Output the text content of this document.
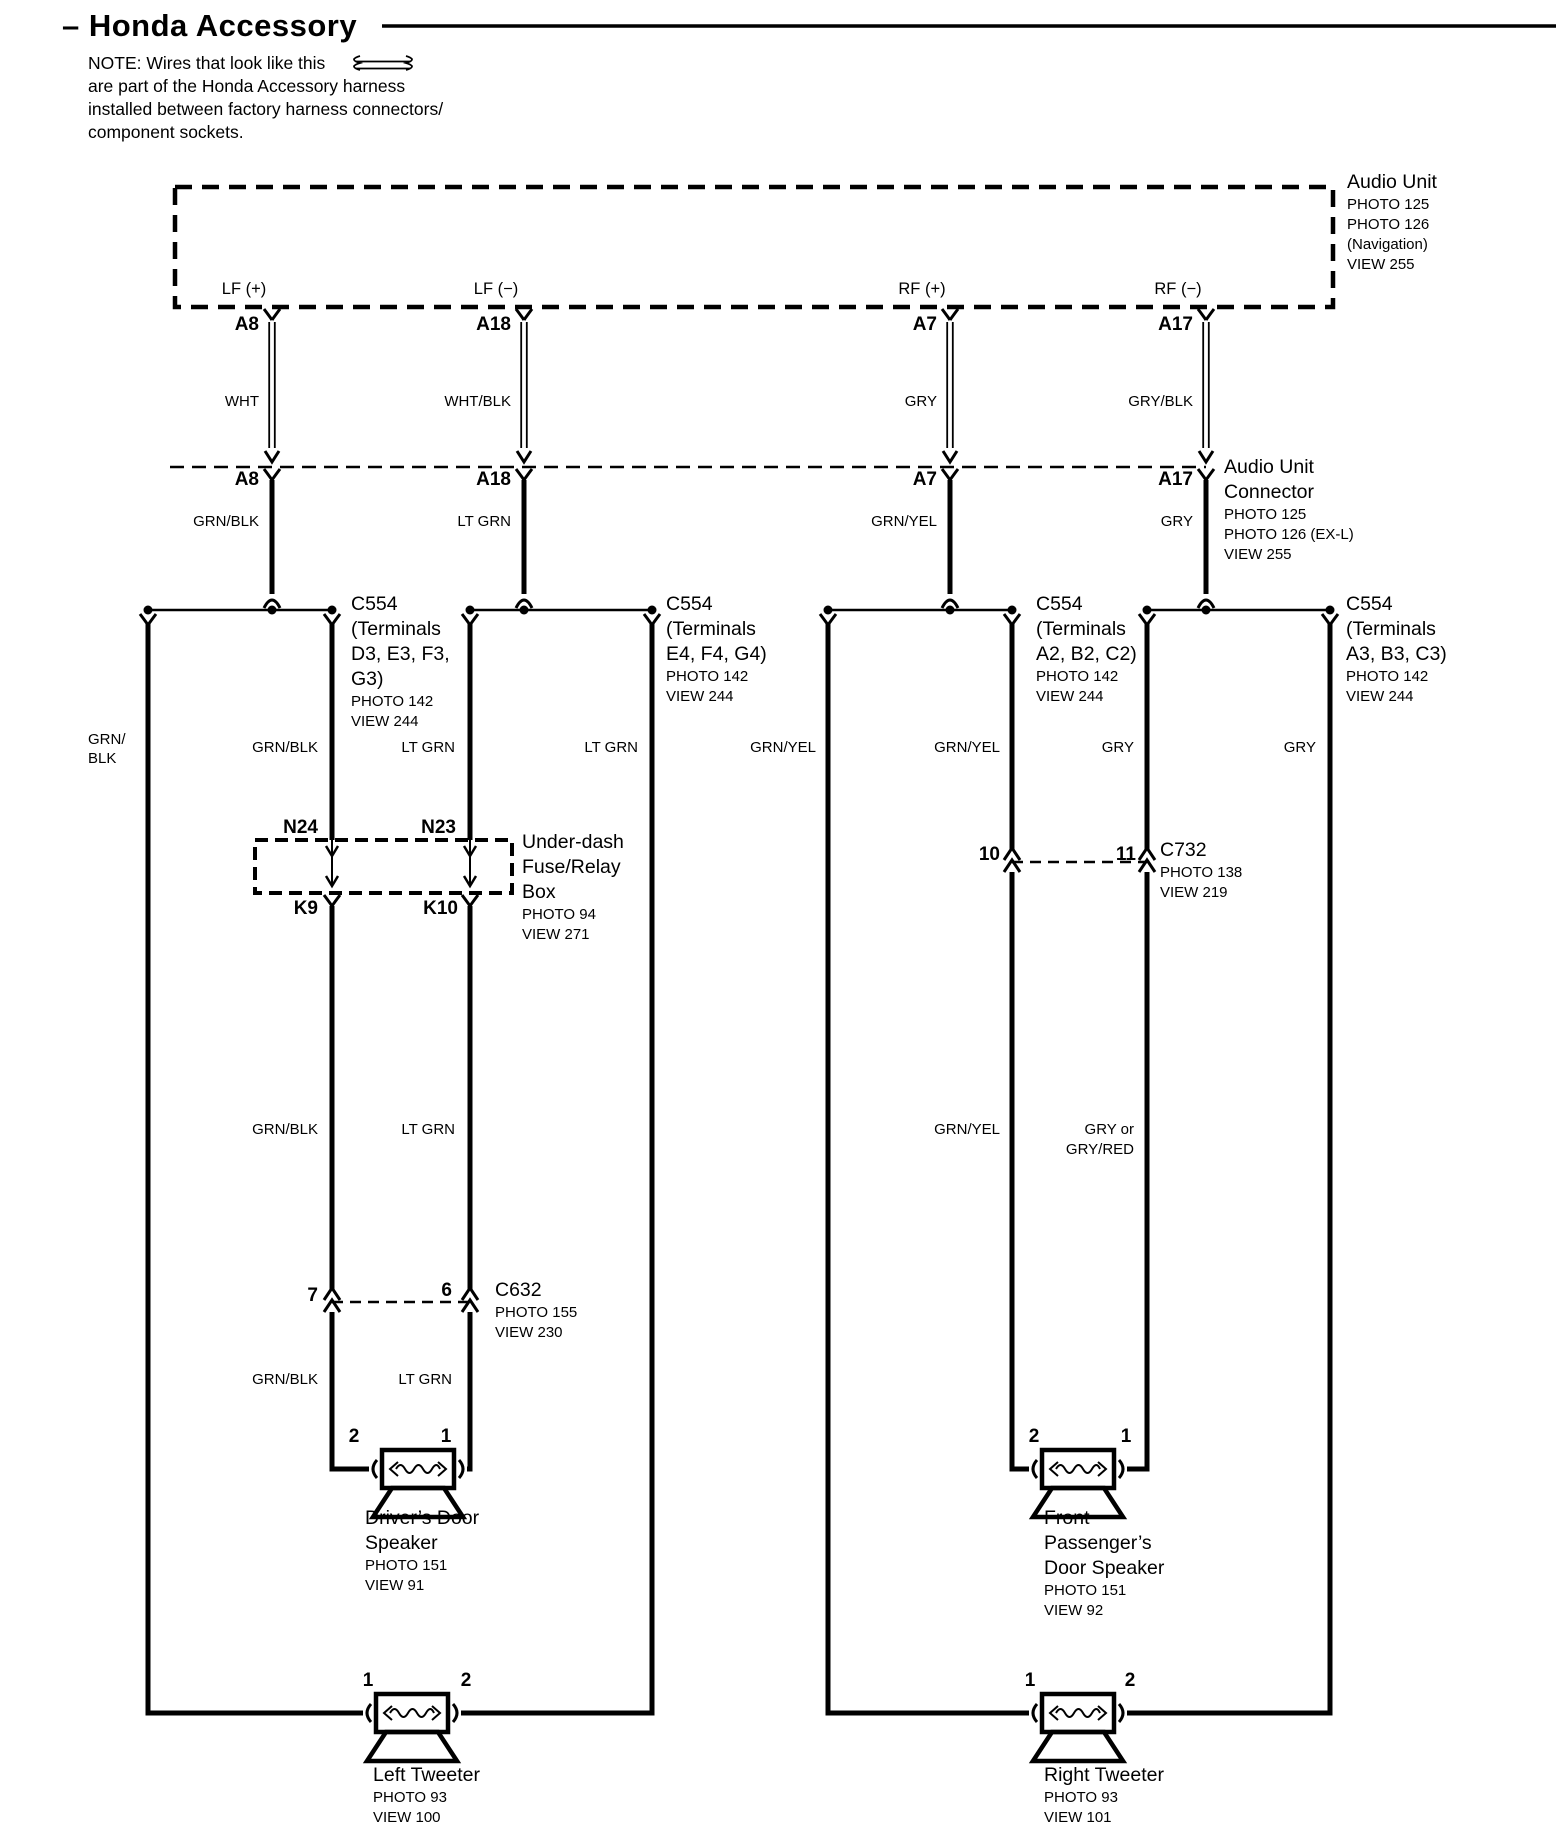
– Honda Accessory
NOTE: Wires that look like this
are part of the Honda Accessory harness
installed between factory harness connectors/
component sockets.
Audio Unit
PHOTO 125
PHOTO 126
(Navigation)
VIEW 255
LF (+)	LF (−)	RF (+)	RF (−)
A8	A18	A7	A17
WHT	WHT/BLK	GRY	GRY/BLK
A8	A18	A7	A17
Audio Unit
Connector
PHOTO 125
PHOTO 126 (EX-L)
VIEW 255
GRN/BLK	LT GRN	GRN/YEL	GRY
C554
(Terminals
D3, E3, F3,
G3)
PHOTO 142
VIEW 244
C554
(Terminals
E4, F4, G4)
PHOTO 142
VIEW 244
C554
(Terminals
A2, B2, C2)
PHOTO 142
VIEW 244
C554
(Terminals
A3, B3, C3)
PHOTO 142
VIEW 244
GRN/
BLK
GRN/BLK	LT GRN	LT GRN	GRN/YEL	GRN/YEL	GRY	GRY
N24	N23
K9	K10
Under-dash
Fuse/Relay
Box
PHOTO 94
VIEW 271
10	11 C732
PHOTO 138
VIEW 219
GRN/BLK	LT GRN	GRN/YEL	GRY or
GRY/RED
7	6 C632
PHOTO 155
VIEW 230
GRN/BLK	LT GRN
2	1
Driver’s Door
Speaker
PHOTO 151
VIEW 91
2	1
Front
Passenger’s
Door Speaker
PHOTO 151
VIEW 92
1	2
Left Tweeter
PHOTO 93
VIEW 100
1	2
Right Tweeter
PHOTO 93
VIEW 101
